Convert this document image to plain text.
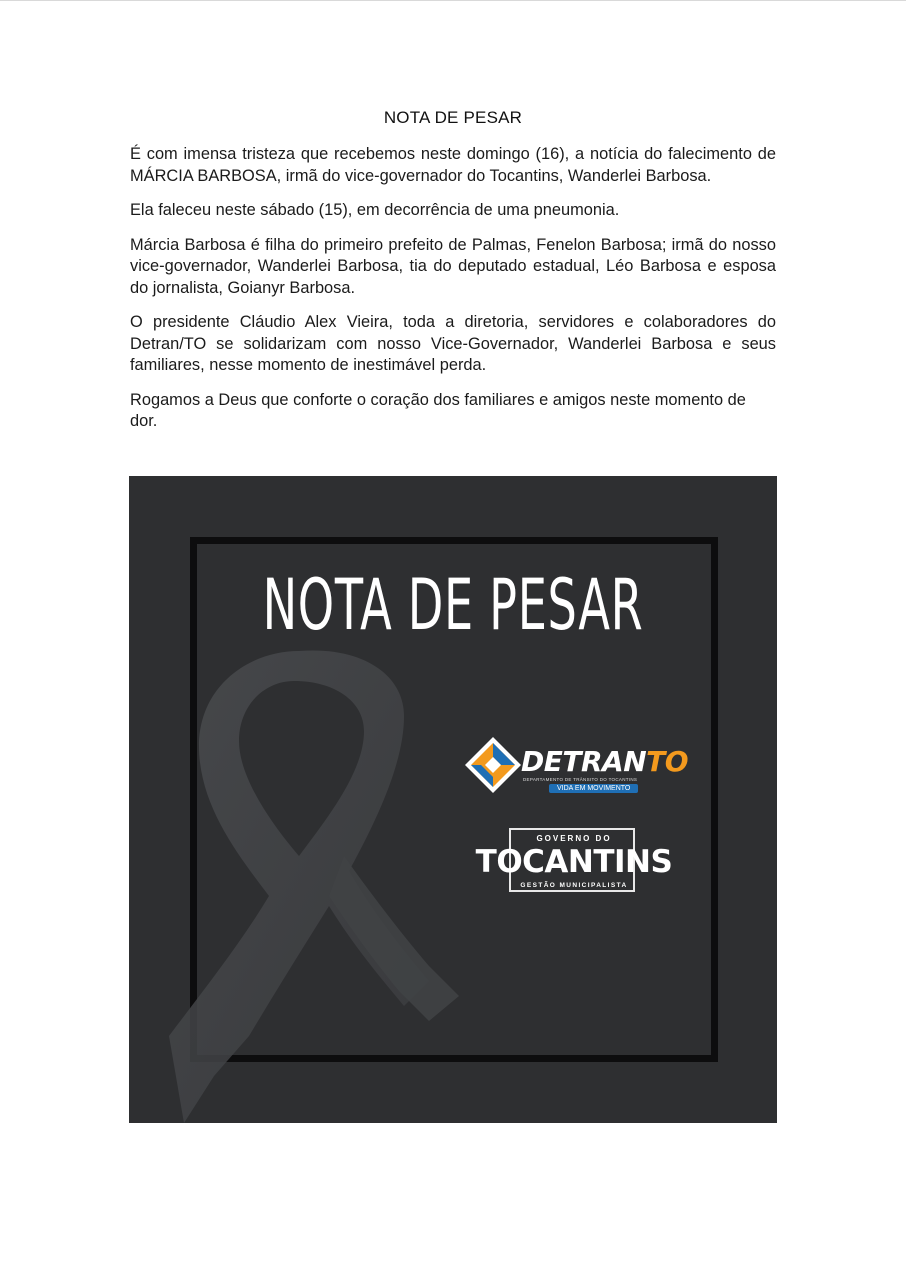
NOTA DE PESAR

É com imensa tristeza que recebemos neste domingo (16), a notícia do falecimento de MÁRCIA BARBOSA, irmã do vice-governador do Tocantins, Wanderlei Barbosa.

Ela faleceu neste sábado (15), em decorrência de uma pneumonia.

Márcia Barbosa é filha do primeiro prefeito de Palmas, Fenelon Barbosa; irmã do nosso vice-governador, Wanderlei Barbosa, tia do deputado estadual, Léo Barbosa e esposa do jornalista, Goianyr Barbosa.

O presidente Cláudio Alex Vieira, toda a diretoria, servidores e colaboradores do Detran/TO se solidarizam com nosso Vice-Governador, Wanderlei Barbosa e seus familiares, nesse momento de inestimável perda.

Rogamos a Deus que conforte o coração dos familiares e amigos neste momento de dor.

NOTA DE PESAR
DETRANTO
DEPARTAMENTO DE TRÂNSITO DO TOCANTINS
VIDA EM MOVIMENTO
GOVERNO DO
TOCANTINS
GESTÃO MUNICIPALISTA
